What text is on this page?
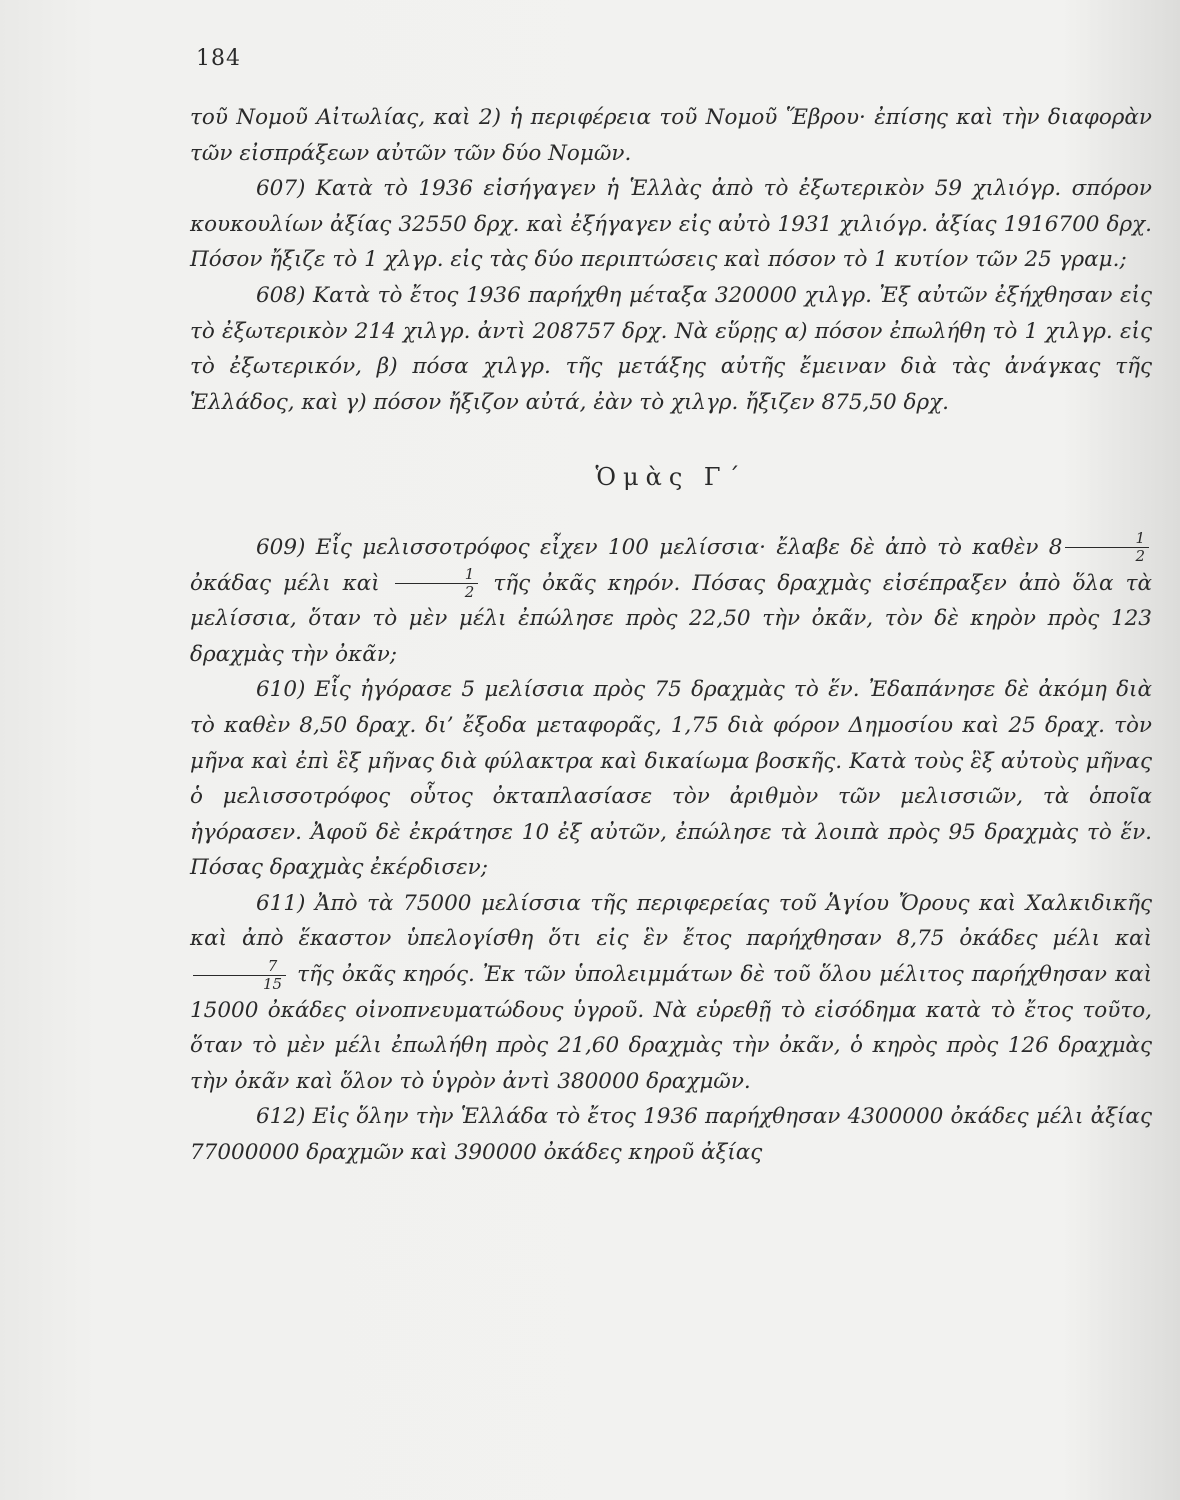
184

τοῦ Νομοῦ Αἰτωλίας, καὶ 2) ἡ περιφέρεια τοῦ Νομοῦ Ἕβρου· ἐπίσης καὶ τὴν διαφορὰν τῶν εἰσπράξεων αὐτῶν τῶν δύο Νομῶν.

607) Κατὰ τὸ 1936 εἰσήγαγεν ἡ Ἑλλὰς ἀπὸ τὸ ἐξωτερικὸν 59 χιλιόγρ. σπόρον κουκουλίων ἀξίας 32550 δρχ. καὶ ἐξήγαγεν εἰς αὐτὸ 1931 χιλιόγρ. ἀξίας 1916700 δρχ. Πόσον ἤξιζε τὸ 1 χλγρ. εἰς τὰς δύο περιπτώσεις καὶ πόσον τὸ 1 κυτίον τῶν 25 γραμ.;

608) Κατὰ τὸ ἔτος 1936 παρήχθη μέταξα 320000 χιλγρ. Ἐξ αὐτῶν ἐξήχθησαν εἰς τὸ ἐξωτερικὸν 214 χιλγρ. ἀντὶ 208757 δρχ. Νὰ εὕρῃς α) πόσον ἐπωλήθη τὸ 1 χιλγρ. εἰς τὸ ἐξωτερικόν, β) πόσα χιλγρ. τῆς μετάξης αὐτῆς ἔμειναν διὰ τὰς ἀνάγκας τῆς Ἑλλάδος, καὶ γ) πόσον ἤξιζον αὐτά, ἐὰν τὸ χιλγρ. ἤξιζεν 875,50 δρχ.

Ὁμὰς Γ΄

609) Εἷς μελισσοτρόφος εἶχεν 100 μελίσσια· ἔλαβε δὲ ἀπὸ τὸ καθὲν $8 \frac{1}{2}$
ὀκάδας μέλι καὶ $\frac{1}{2}$ τῆς ὀκᾶς κηρόν. Πόσας δραχμὰς εἰσέπραξεν ἀπὸ ὅλα τὰ μελίσσια, ὅταν τὸ μὲν μέλι ἐπώλησε πρὸς 22,50 τὴν ὀκᾶν, τὸν δὲ κηρὸν πρὸς 123 δραχμὰς τὴν ὀκᾶν;

610) Εἷς ἠγόρασε 5 μελίσσια πρὸς 75 δραχμὰς τὸ ἕν. Ἐδαπάνησε δὲ ἀκόμη διὰ τὸ καθὲν 8,50 δραχ. δι’ ἔξοδα μεταφορᾶς, 1,75 διὰ φόρον Δημοσίου καὶ 25 δραχ. τὸν μῆνα καὶ ἐπὶ ἓξ μῆνας διὰ φύλακτρα καὶ δικαίωμα βοσκῆς. Κατὰ τοὺς ἓξ αὐτοὺς μῆνας ὁ μελισσοτρόφος οὗτος ὀκταπλασίασε τὸν ἀριθμὸν τῶν μελισσιῶν, τὰ ὁποῖα ἠγόρασεν. Ἀφοῦ δὲ ἐκράτησε 10 ἐξ αὐτῶν, ἐπώλησε τὰ λοιπὰ πρὸς 95 δραχμὰς τὸ ἕν. Πόσας δραχμὰς ἐκέρδισεν;

611) Ἀπὸ τὰ 75000 μελίσσια τῆς περιφερείας τοῦ Ἁγίου Ὄρους καὶ Χαλκιδικῆς καὶ ἀπὸ ἕκαστον ὑπελογίσθη ὅτι εἰς ἓν ἔτος παρήχθησαν 8,75 ὀκάδες μέλι καὶ
$\frac{7}{15}$ τῆς ὀκᾶς κηρός. Ἐκ τῶν ὑπολειμμάτων δὲ τοῦ ὅλου μέλιτος παρήχθησαν καὶ 15000 ὀκάδες οἰνοπνευματώδους ὑγροῦ. Νὰ εὑρεθῇ τὸ εἰσόδημα κατὰ τὸ ἔτος τοῦτο, ὅταν τὸ μὲν μέλι ἐπωλήθη πρὸς 21,60 δραχμὰς τὴν ὀκᾶν, ὁ κηρὸς πρὸς 126 δραχμὰς τὴν ὀκᾶν καὶ ὅλον τὸ ὑγρὸν ἀντὶ 380000 δραχμῶν.

612) Εἰς ὅλην τὴν Ἑλλάδα τὸ ἔτος 1936 παρήχθησαν 4300000 ὀκάδες μέλι ἀξίας 77000000 δραχμῶν καὶ 390000 ὀκάδες κηροῦ ἀξίας
